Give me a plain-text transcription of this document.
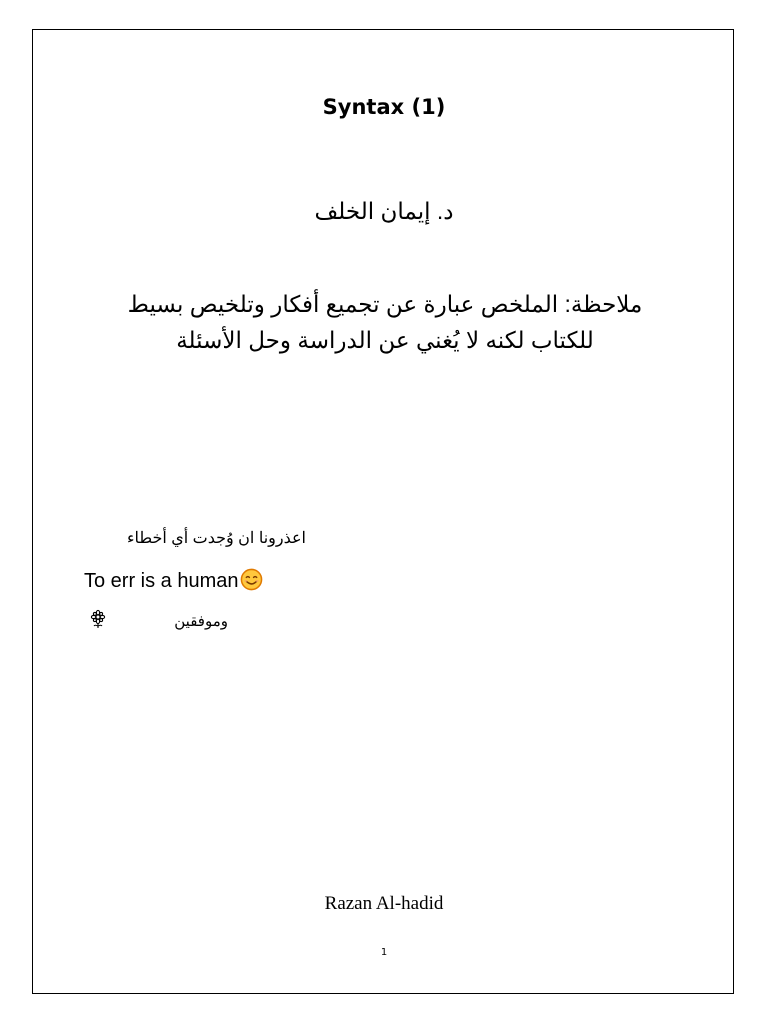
Syntax (1)
د. إيمان الخلف
ملاحظة: الملخص عبارة عن تجميع أفكار وتلخيص بسيط
للكتاب لكنه لا يُغني عن الدراسة وحل الأسئلة
اعذرونا ان وُجدت أي أخطاء
To err is a human
وموفقين
Razan Al-hadid
1
